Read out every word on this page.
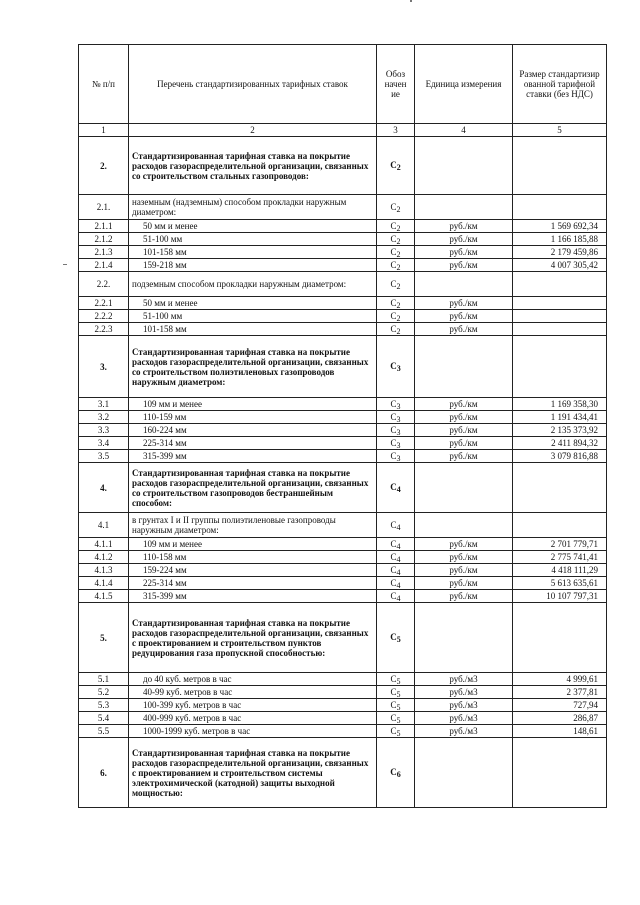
№ п/п	Перечень стандартизированных тарифных ставок	Обоз начен ие	Единица измерения	Размер стандартизир ованной тарифной ставки (без НДС)
1	2	3	4	5
2.	Стандартизированная тарифная ставка на покрытие расходов газораспределительной организации, связанных со строительством стальных газопроводов:	C2		
2.1.	наземным (надземным) способом прокладки наружным диаметром:	C2		
2.1.1	50 мм и менее	C2	руб./км	1 569 692,34
2.1.2	51-100 мм	C2	руб./км	1 166 185,88
2.1.3	101-158 мм	C2	руб./км	2 179 459,86
2.1.4	159-218 мм	C2	руб./км	4 007 305,42
2.2.	подземным способом прокладки наружным диаметром:	C2		
2.2.1	50 мм и менее	C2	руб./км	
2.2.2	51-100 мм	C2	руб./км	
2.2.3	101-158 мм	C2	руб./км	
3.	Стандартизированная тарифная ставка на покрытие расходов газораспределительной организации, связанных со строительством полиэтиленовых газопроводов наружным диаметром:	C3		
3.1	109 мм и менее	C3	руб./км	1 169 358,30
3.2	110-159 мм	C3	руб./км	1 191 434,41
3.3	160-224 мм	C3	руб./км	2 135 373,92
3.4	225-314 мм	C3	руб./км	2 411 894,32
3.5	315-399 мм	C3	руб./км	3 079 816,88
4.	Стандартизированная тарифная ставка на покрытие расходов газораспределительной организации, связанных со строительством газопроводов бестраншейным способом:	C4		
4.1	в грунтах I и II группы полиэтиленовые газопроводы наружным диаметром:	C4		
4.1.1	109 мм и менее	C4	руб./км	2 701 779,71
4.1.2	110-158 мм	C4	руб./км	2 775 741,41
4.1.3	159-224 мм	C4	руб./км	4 418 111,29
4.1.4	225-314 мм	C4	руб./км	5 613 635,61
4.1.5	315-399 мм	C4	руб./км	10 107 797,31
5.	Стандартизированная тарифная ставка на покрытие расходов газораспределительной организации, связанных с проектированием и строительством пунктов редуцирования газа пропускной способностью:	C5		
5.1	до 40 куб. метров в час	C5	руб./м3	4 999,61
5.2	40-99 куб. метров в час	C5	руб./м3	2 377,81
5.3	100-399 куб. метров в час	C5	руб./м3	727,94
5.4	400-999 куб. метров в час	C5	руб./м3	286,87
5.5	1000-1999 куб. метров в час	C5	руб./м3	148,61
6.	Стандартизированная тарифная ставка на покрытие расходов газораспределительной организации, связанных с проектированием и строительством системы электрохимической (катодной) защиты выходной мощностью:	C6		
